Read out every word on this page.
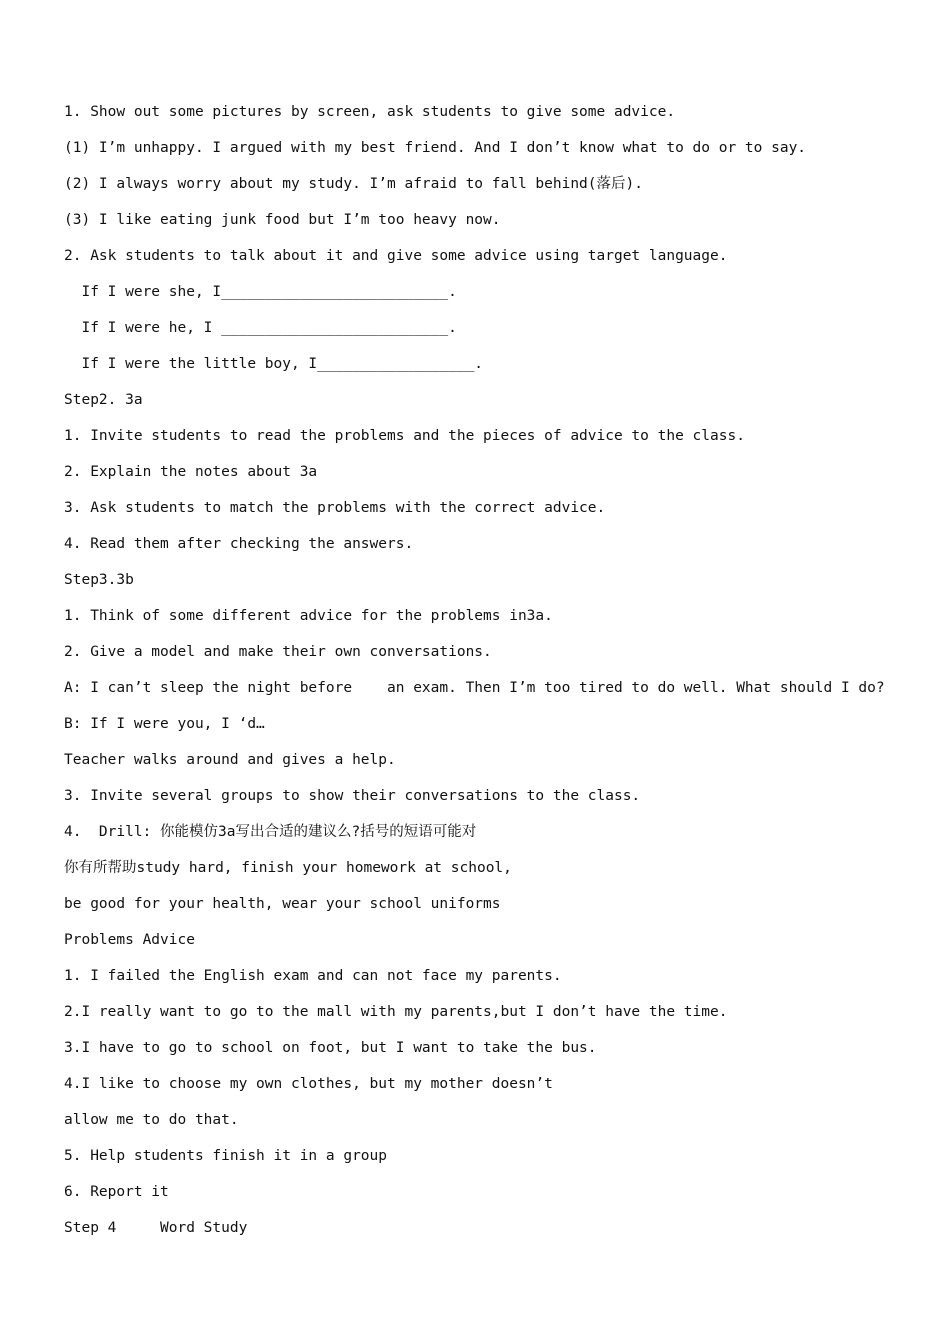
1. Show out some pictures by screen, ask students to give some advice.
(1) I’m unhappy. I argued with my best friend. And I don’t know what to do or to say.
(2) I always worry about my study. I’m afraid to fall behind(落后).
(3) I like eating junk food but I’m too heavy now.
2. Ask students to talk about it and give some advice using target language.
If I were she, I__________________________.
If I were he, I __________________________.
If I were the little boy, I__________________.
Step2. 3a
1. Invite students to read the problems and the pieces of advice to the class.
2. Explain the notes about 3a
3. Ask students to match the problems with the correct advice.
4. Read them after checking the answers.
Step3.3b
1. Think of some different advice for the problems in3a.
2. Give a model and make their own conversations.
A: I can’t sleep the night before    an exam. Then I’m too tired to do well. What should I do?
B: If I were you, I ‘d…
Teacher walks around and gives a help.
3. Invite several groups to show their conversations to the class.
4.  Drill: 你能模仿3a写出合适的建议么?括号的短语可能对
你有所帮助study hard, finish your homework at school,
be good for your health, wear your school uniforms
Problems Advice
1. I failed the English exam and can not face my parents.
2.I really want to go to the mall with my parents,but I don’t have the time.
3.I have to go to school on foot, but I want to take the bus.
4.I like to choose my own clothes, but my mother doesn’t
allow me to do that.
5. Help students finish it in a group
6. Report it
Step 4     Word Study
